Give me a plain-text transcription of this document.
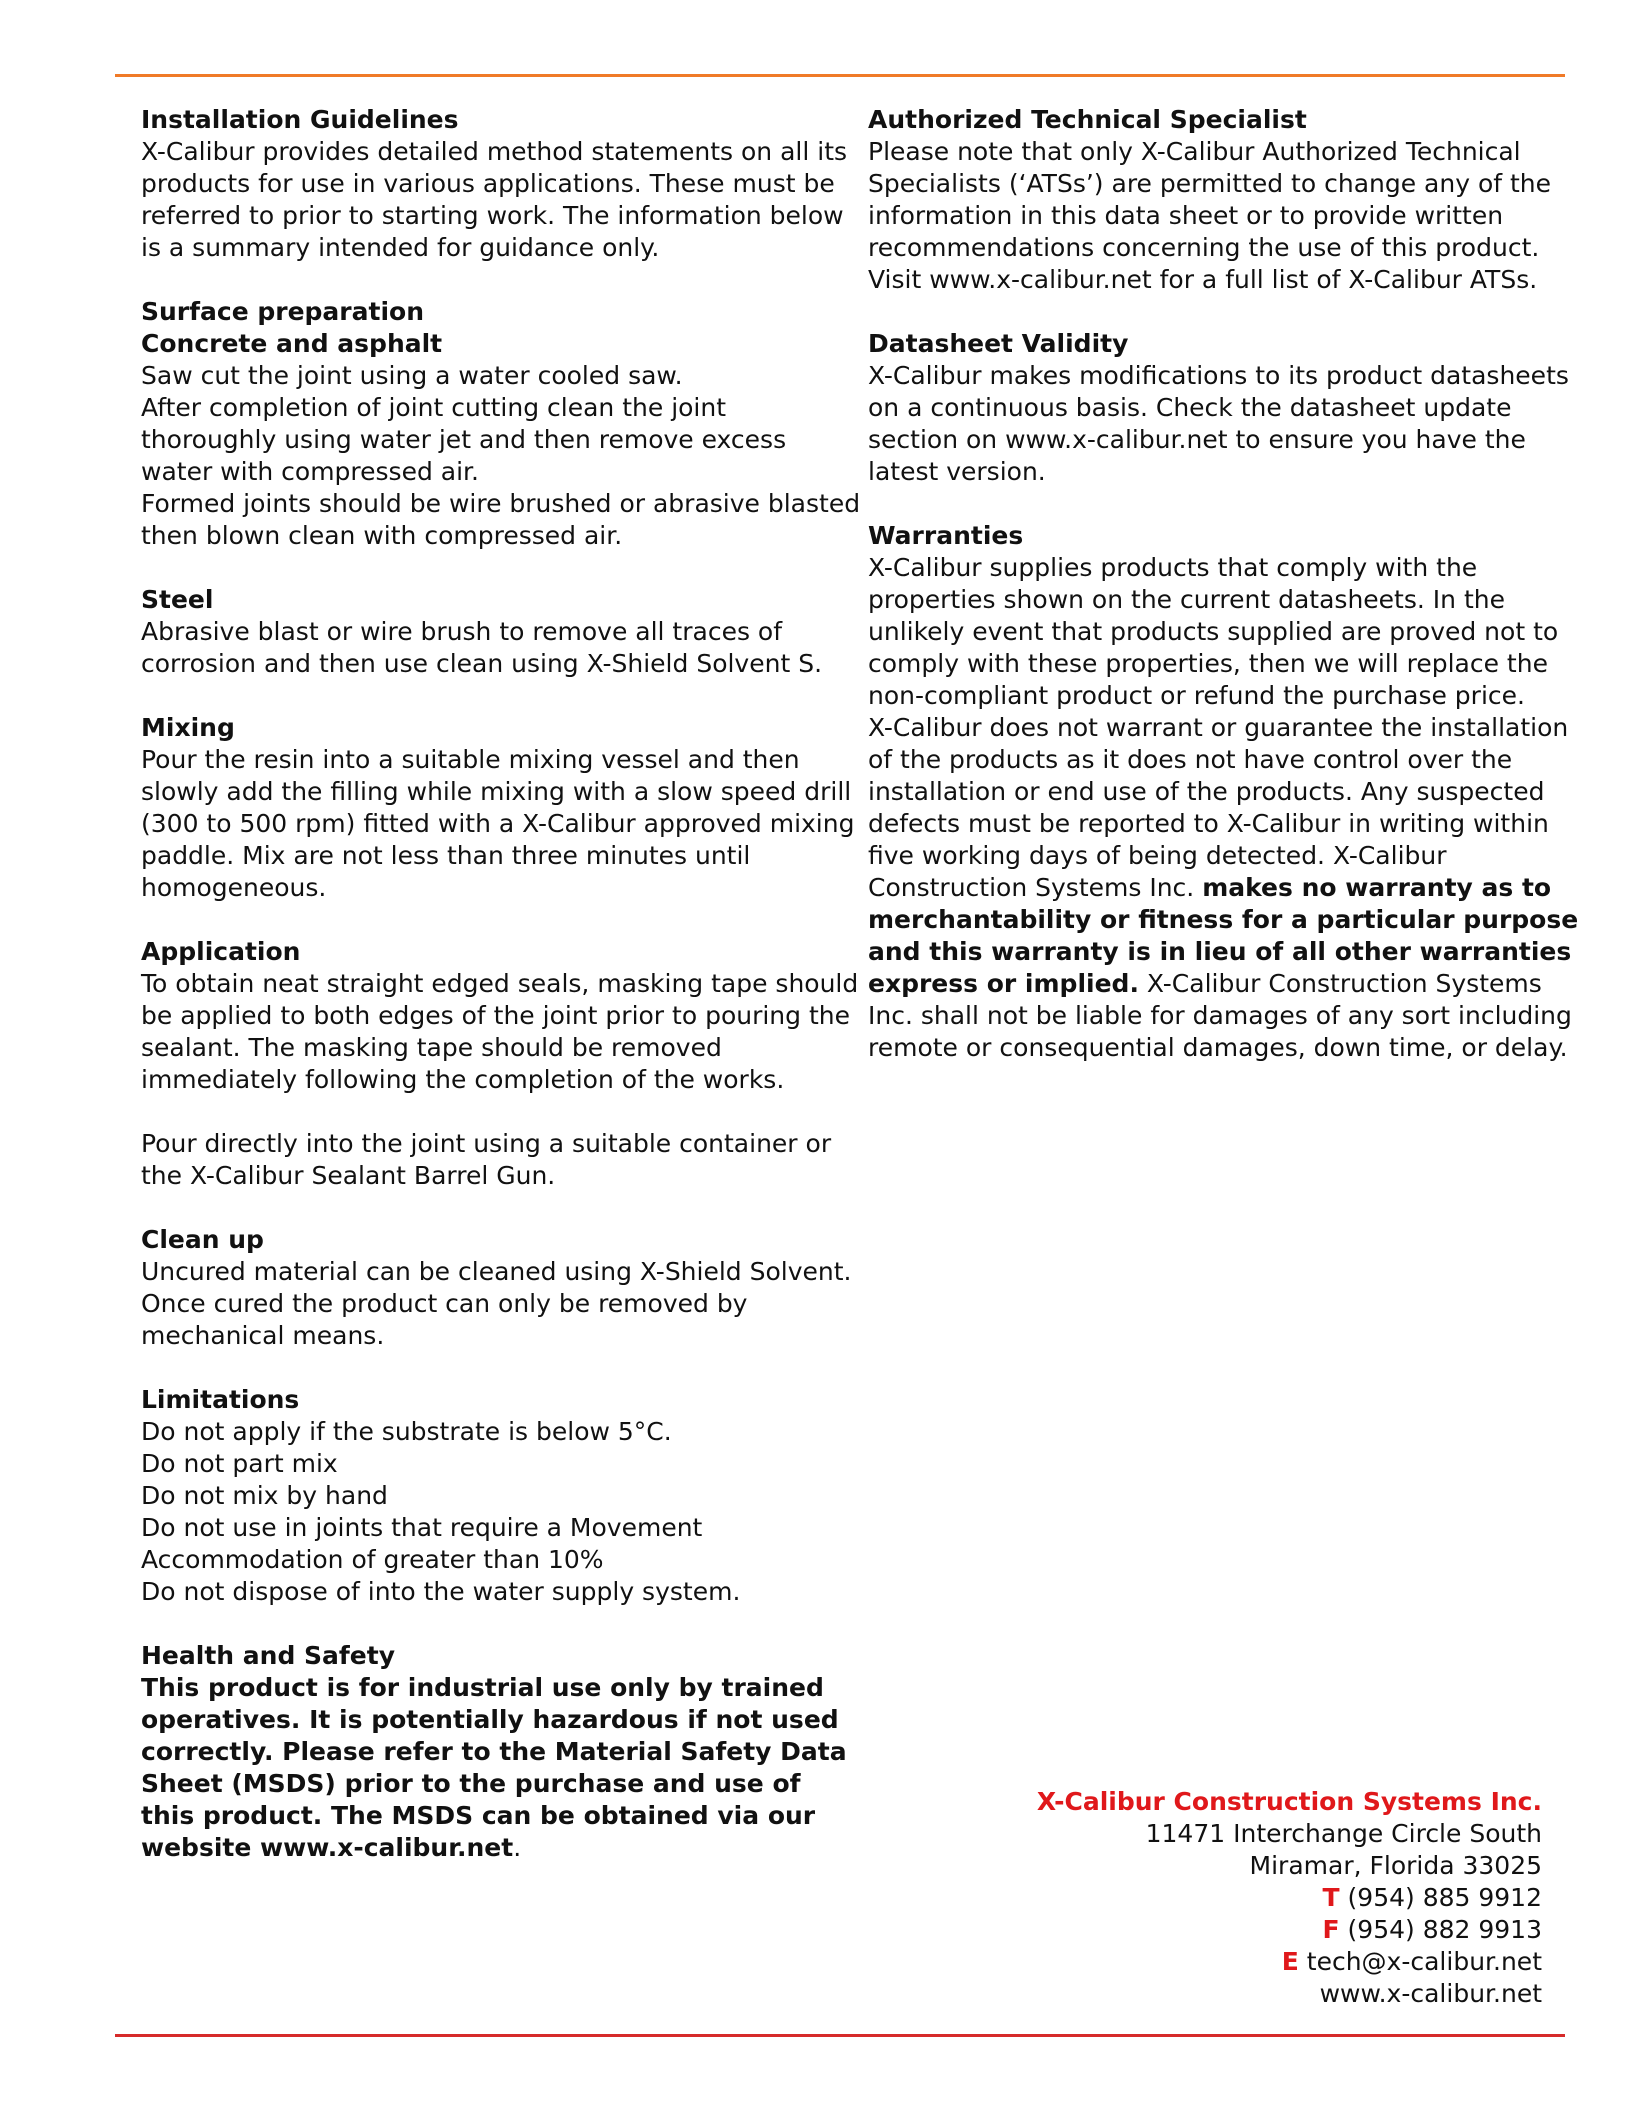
Installation Guidelines
X-Calibur provides detailed method statements on all its
products for use in various applications. These must be
referred to prior to starting work. The information below
is a summary intended for guidance only.
Surface preparation
Concrete and asphalt
Saw cut the joint using a water cooled saw.
After completion of joint cutting clean the joint
thoroughly using water jet and then remove excess
water with compressed air.
Formed joints should be wire brushed or abrasive blasted
then blown clean with compressed air.
Steel
Abrasive blast or wire brush to remove all traces of
corrosion and then use clean using X-Shield Solvent S.
Mixing
Pour the resin into a suitable mixing vessel and then
slowly add the filling while mixing with a slow speed drill
(300 to 500 rpm) fitted with a X-Calibur approved mixing
paddle. Mix are not less than three minutes until
homogeneous.
Application
To obtain neat straight edged seals, masking tape should
be applied to both edges of the joint prior to pouring the
sealant. The masking tape should be removed
immediately following the completion of the works.
Pour directly into the joint using a suitable container or
the X-Calibur Sealant Barrel Gun.
Clean up
Uncured material can be cleaned using X-Shield Solvent.
Once cured the product can only be removed by
mechanical means.
Limitations
Do not apply if the substrate is below 5°C.
Do not part mix
Do not mix by hand
Do not use in joints that require a Movement
Accommodation of greater than 10%
Do not dispose of into the water supply system.
Health and Safety
This product is for industrial use only by trained
operatives. It is potentially hazardous if not used
correctly. Please refer to the Material Safety Data
Sheet (MSDS) prior to the purchase and use of
this product. The MSDS can be obtained via our
website www.x-calibur.net.
Authorized Technical Specialist
Please note that only X-Calibur Authorized Technical
Specialists (‘ATSs’) are permitted to change any of the
information in this data sheet or to provide written
recommendations concerning the use of this product.
Visit www.x-calibur.net for a full list of X-Calibur ATSs.
Datasheet Validity
X-Calibur makes modifications to its product datasheets
on a continuous basis. Check the datasheet update
section on www.x-calibur.net to ensure you have the
latest version.
Warranties
X-Calibur supplies products that comply with the
properties shown on the current datasheets. In the
unlikely event that products supplied are proved not to
comply with these properties, then we will replace the
non-compliant product or refund the purchase price.
X-Calibur does not warrant or guarantee the installation
of the products as it does not have control over the
installation or end use of the products. Any suspected
defects must be reported to X-Calibur in writing within
five working days of being detected. X-Calibur
Construction Systems Inc. makes no warranty as to
merchantability or fitness for a particular purpose
and this warranty is in lieu of all other warranties
express or implied. X-Calibur Construction Systems
Inc. shall not be liable for damages of any sort including
remote or consequential damages, down time, or delay.
X-Calibur Construction Systems Inc.
11471 Interchange Circle South
Miramar, Florida 33025
T (954) 885 9912
F (954) 882 9913
E tech@x-calibur.net
www.x-calibur.net
